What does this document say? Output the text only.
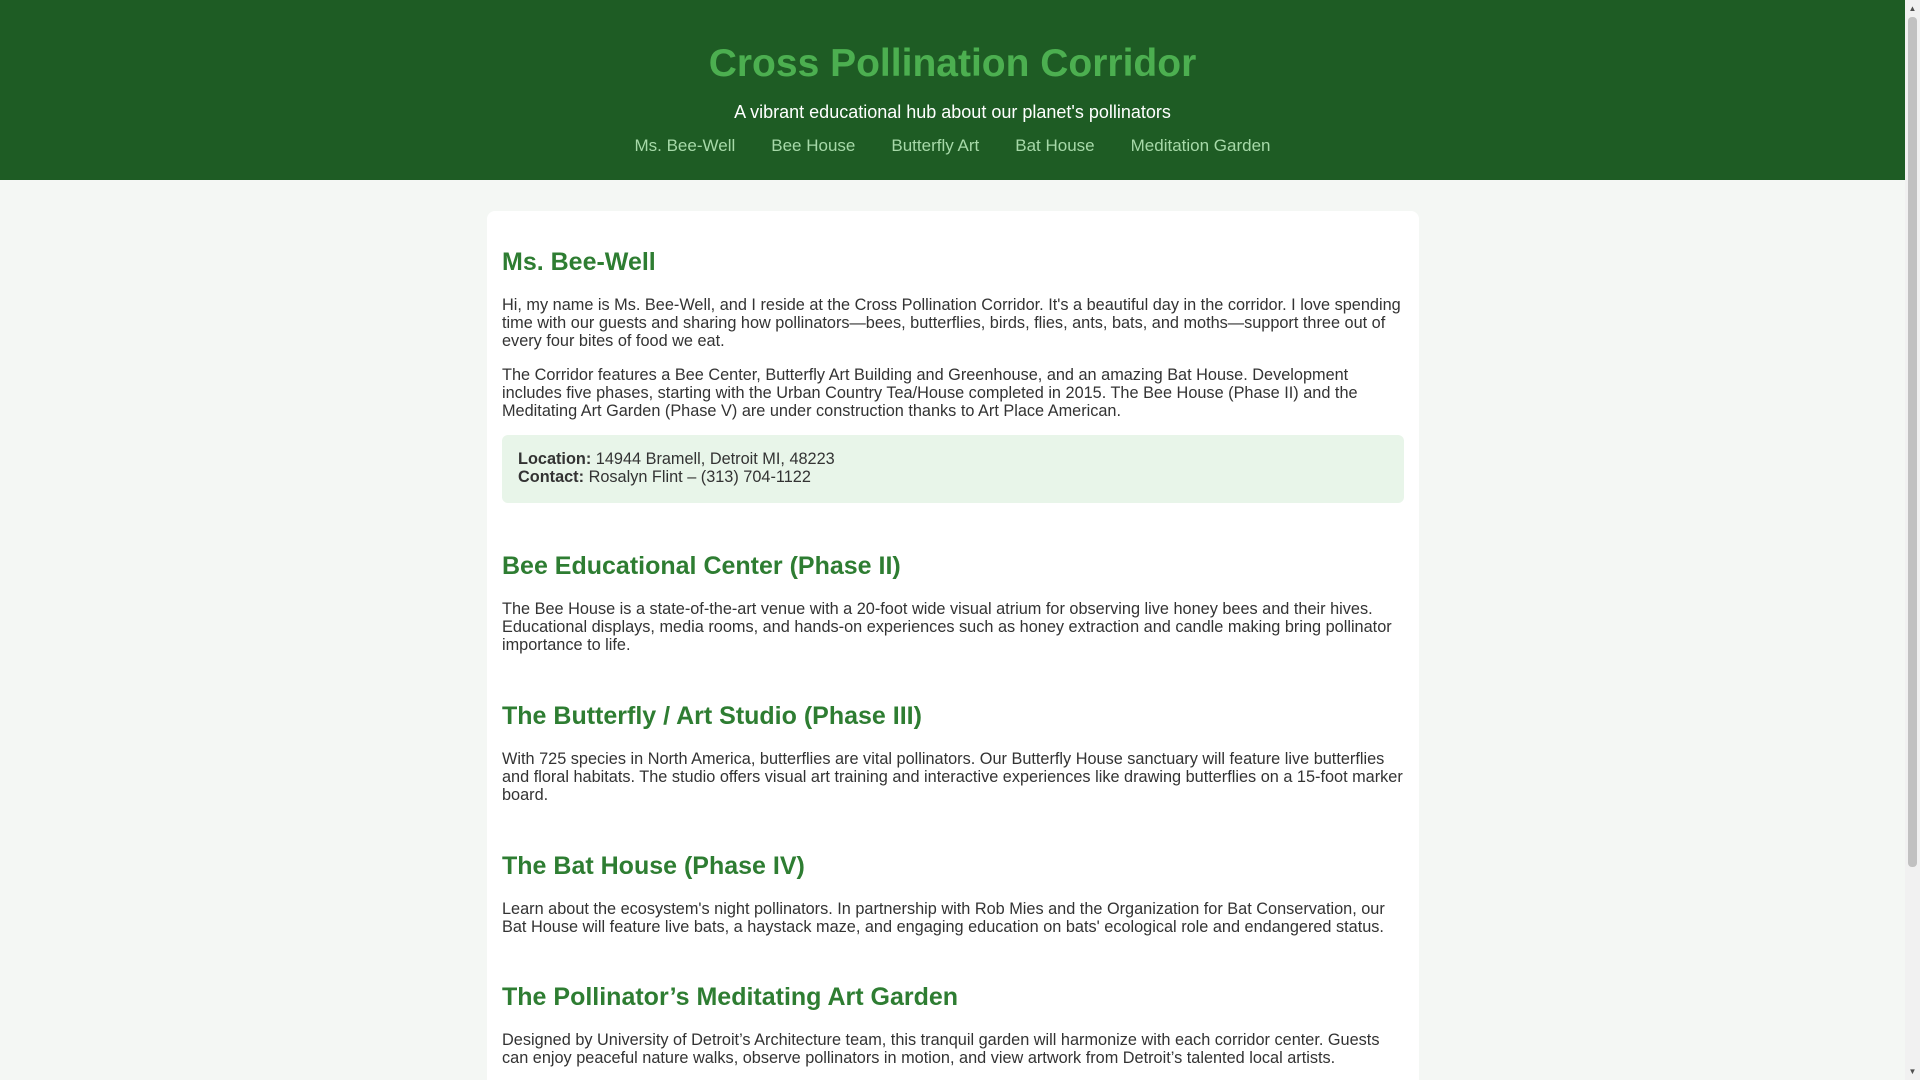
Cross Pollination Corridor
A vibrant educational hub about our planet's pollinators
Ms. Bee-Well Bee House Butterfly Art Bat House Meditation Garden
Ms. Bee-Well

Hi, my name is Ms. Bee-Well, and I reside at the Cross Pollination Corridor. It's a beautiful day in the corridor. I love spending time with our guests and sharing how pollinators—bees, butterflies, birds, flies, ants, bats, and moths—support three out of every four bites of food we eat.

The Corridor features a Bee Center, Butterfly Art Building and Greenhouse, and an amazing Bat House. Development includes five phases, starting with the Urban Country Tea/House completed in 2015. The Bee House (Phase II) and the Meditating Art Garden (Phase V) are under construction thanks to Art Place American.

Location: 14944 Bramell, Detroit MI, 48223
Contact: Rosalyn Flint – (313) 704-1122
Bee Educational Center (Phase II)

The Bee House is a state-of-the-art venue with a 20-foot wide visual atrium for observing live honey bees and their hives. Educational displays, media rooms, and hands-on experiences such as honey extraction and candle making bring pollinator importance to life.

The Butterfly / Art Studio (Phase III)

With 725 species in North America, butterflies are vital pollinators. Our Butterfly House sanctuary will feature live butterflies and floral habitats. The studio offers visual art training and interactive experiences like drawing butterflies on a 15-foot marker board.

The Bat House (Phase IV)

Learn about the ecosystem's night pollinators. In partnership with Rob Mies and the Organization for Bat Conservation, our Bat House will feature live bats, a haystack maze, and engaging education on bats' ecological role and endangered status.

The Pollinator’s Meditating Art Garden

Designed by University of Detroit’s Architecture team, this tranquil garden will harmonize with each corridor center. Guests can enjoy peaceful nature walks, observe pollinators in motion, and view artwork from Detroit’s talented local artists.

▲
▼
